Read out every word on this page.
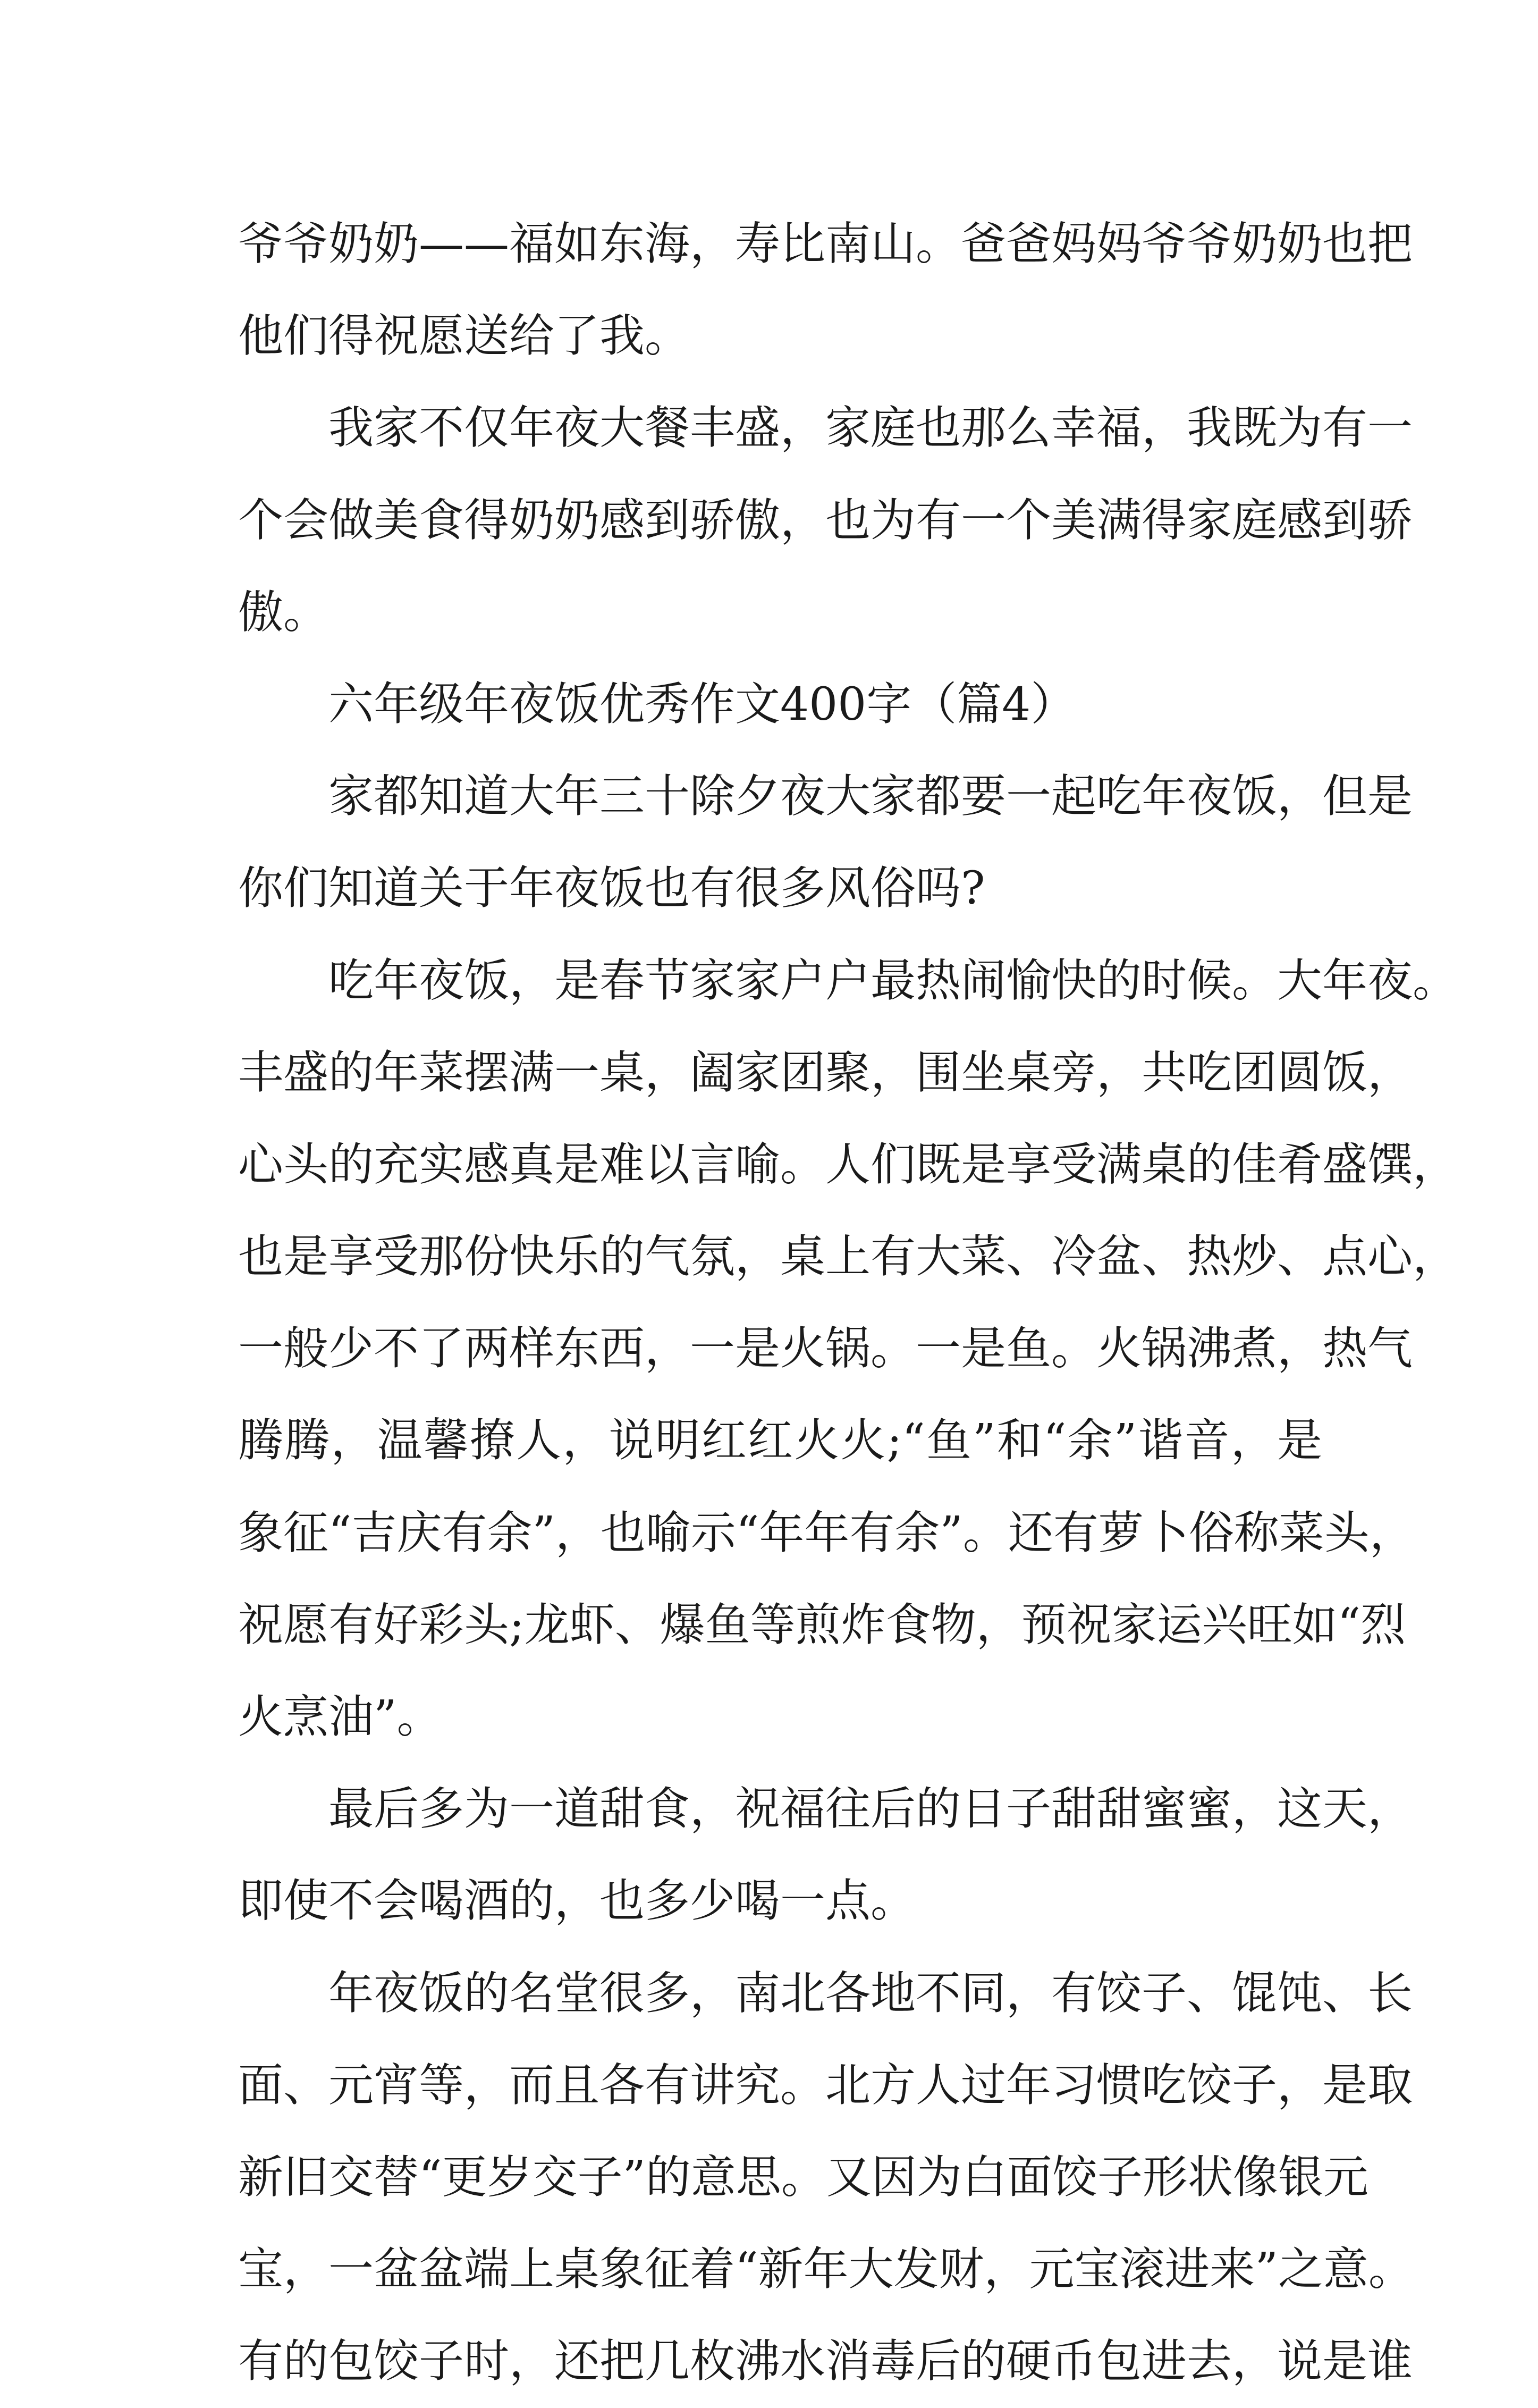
爷爷奶奶——福如东海，寿比南山。爸爸妈妈爷爷奶奶也把
他们得祝愿送给了我。
我家不仅年夜大餐丰盛，家庭也那么幸福，我既为有一
个会做美食得奶奶感到骄傲，也为有一个美满得家庭感到骄
傲。
六年级年夜饭优秀作文400字（篇4）
家都知道大年三十除夕夜大家都要一起吃年夜饭，但是
你们知道关于年夜饭也有很多风俗吗?
吃年夜饭，是春节家家户户最热闹愉快的时候。大年夜。
丰盛的年菜摆满一桌，阖家团聚，围坐桌旁，共吃团圆饭，
心头的充实感真是难以言喻。人们既是享受满桌的佳肴盛馔，
也是享受那份快乐的气氛，桌上有大菜、冷盆、热炒、点心，
一般少不了两样东西，一是火锅。一是鱼。火锅沸煮，热气
腾腾，温馨撩人，说明红红火火;“鱼”和“余”谐音，是
象征“吉庆有余”，也喻示“年年有余”。还有萝卜俗称菜头，
祝愿有好彩头;龙虾、爆鱼等煎炸食物，预祝家运兴旺如“烈
火烹油”。
最后多为一道甜食，祝福往后的日子甜甜蜜蜜，这天，
即使不会喝酒的，也多少喝一点。
年夜饭的名堂很多，南北各地不同，有饺子、馄饨、长
面、元宵等，而且各有讲究。北方人过年习惯吃饺子，是取
新旧交替“更岁交子”的意思。又因为白面饺子形状像银元
宝，一盆盆端上桌象征着“新年大发财，元宝滚进来”之意。
有的包饺子时，还把几枚沸水消毒后的硬币包进去，说是谁
